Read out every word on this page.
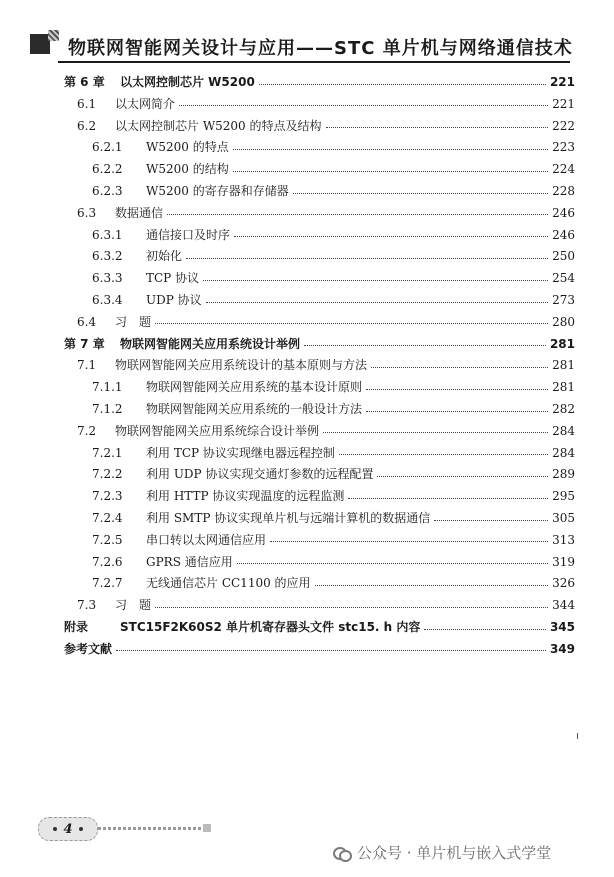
物联网智能网关设计与应用——STC 单片机与网络通信技术
第 6 章	以太网控制芯片 W5200	221
6.1	以太网简介	221
6.2	以太网控制芯片 W5200 的特点及结构	222
6.2.1	W5200 的特点	223
6.2.2	W5200 的结构	224
6.2.3	W5200 的寄存器和存储器	228
6.3	数据通信	246
6.3.1	通信接口及时序	246
6.3.2	初始化	250
6.3.3	TCP 协议	254
6.3.4	UDP 协议	273
6.4	习　题	280
第 7 章	物联网智能网关应用系统设计举例	281
7.1	物联网智能网关应用系统设计的基本原则与方法	281
7.1.1	物联网智能网关应用系统的基本设计原则	281
7.1.2	物联网智能网关应用系统的一般设计方法	282
7.2	物联网智能网关应用系统综合设计举例	284
7.2.1	利用 TCP 协议实现继电器远程控制	284
7.2.2	利用 UDP 协议实现交通灯参数的远程配置	289
7.2.3	利用 HTTP 协议实现温度的远程监测	295
7.2.4	利用 SMTP 协议实现单片机与远端计算机的数据通信	305
7.2.5	串口转以太网通信应用	313
7.2.6	GPRS 通信应用	319
7.2.7	无线通信芯片 CC1100 的应用	326
7.3	习　题	344
附录	STC15F2K60S2 单片机寄存器头文件 stc15. h 内容	345
参考文献	349
4
公众号 · 单片机与嵌入式学堂
